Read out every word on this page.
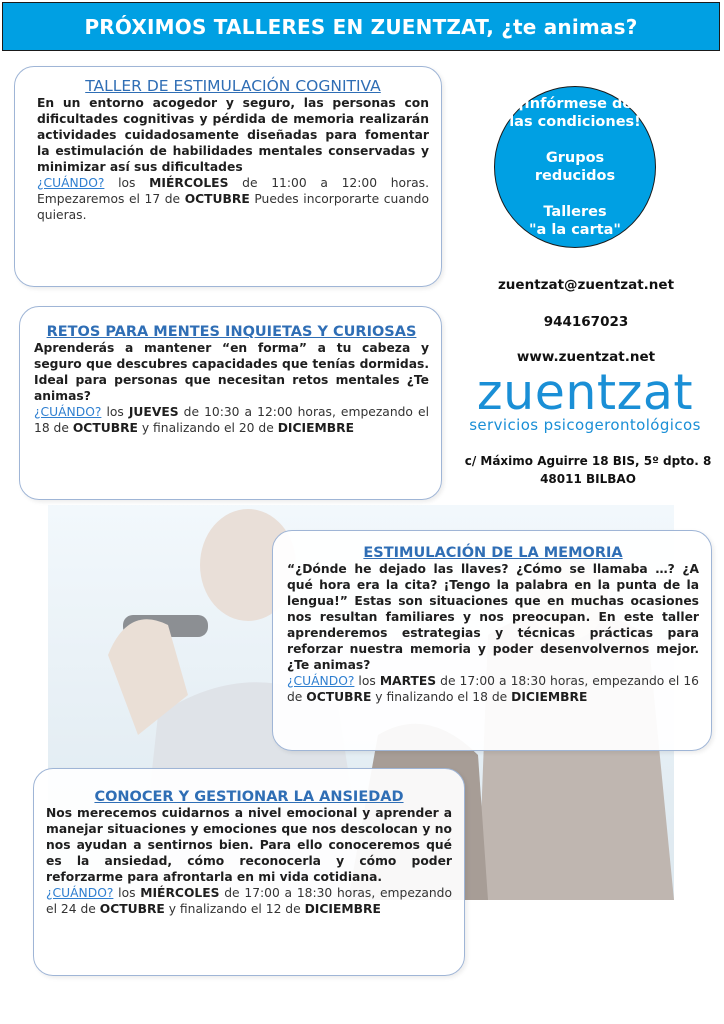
PRÓXIMOS TALLERES EN ZUENTZAT, ¿te animas?
TALLER DE ESTIMULACIÓN COGNITIVA

En un entorno acogedor y seguro, las personas con dificultades cognitivas y pérdida de memoria realizarán actividades cuidadosamente diseñadas para fomentar la estimulación de habilidades mentales conservadas y minimizar así sus dificultades

¿CUÁNDO? los MIÉRCOLES de 11:00 a 12:00 horas. Empezaremos el 17 de OCTUBRE Puedes incorporarte cuando quieras.

RETOS PARA MENTES INQUIETAS Y CURIOSAS

Aprenderás a mantener “en forma” a tu cabeza y seguro que descubres capacidades que tenías dormidas. Ideal para personas que necesitan retos mentales ¿Te animas?

¿CUÁNDO? los JUEVES de 10:30 a 12:00 horas, empezando el 18 de OCTUBRE y finalizando el 20 de DICIEMBRE

ESTIMULACIÓN DE LA MEMORIA

“¿Dónde he dejado las llaves? ¿Cómo se llamaba …? ¿A qué hora era la cita? ¡Tengo la palabra en la punta de la lengua!” Estas son situaciones que en muchas ocasiones nos resultan familiares y nos preocupan. En este taller aprenderemos estrategias y técnicas prácticas para reforzar nuestra memoria y poder desenvolvernos mejor. ¿Te animas?

¿CUÁNDO? los MARTES de 17:00 a 18:30 horas, empezando el 16 de OCTUBRE y finalizando el 18 de DICIEMBRE

CONOCER Y GESTIONAR LA ANSIEDAD

Nos merecemos cuidarnos a nivel emocional y aprender a manejar situaciones y emociones que nos descolocan y no nos ayudan a sentirnos bien. Para ello conoceremos qué es la ansiedad, cómo reconocerla y cómo poder reforzarme para afrontarla en mi vida cotidiana.

¿CUÁNDO? los MIÉRCOLES de 17:00 a 18:30 horas, empezando el 24 de OCTUBRE y finalizando el 12 de DICIEMBRE

¡Infórmese de
las condiciones!
Grupos
reducidos
Talleres
"a la carta"
zuentzat@zuentzat.net
944167023
www.zuentzat.net
zuentzat
servicios psicogerontológicos
c/ Máximo Aguirre 18 BIS, 5º dpto. 8
48011 BILBAO
